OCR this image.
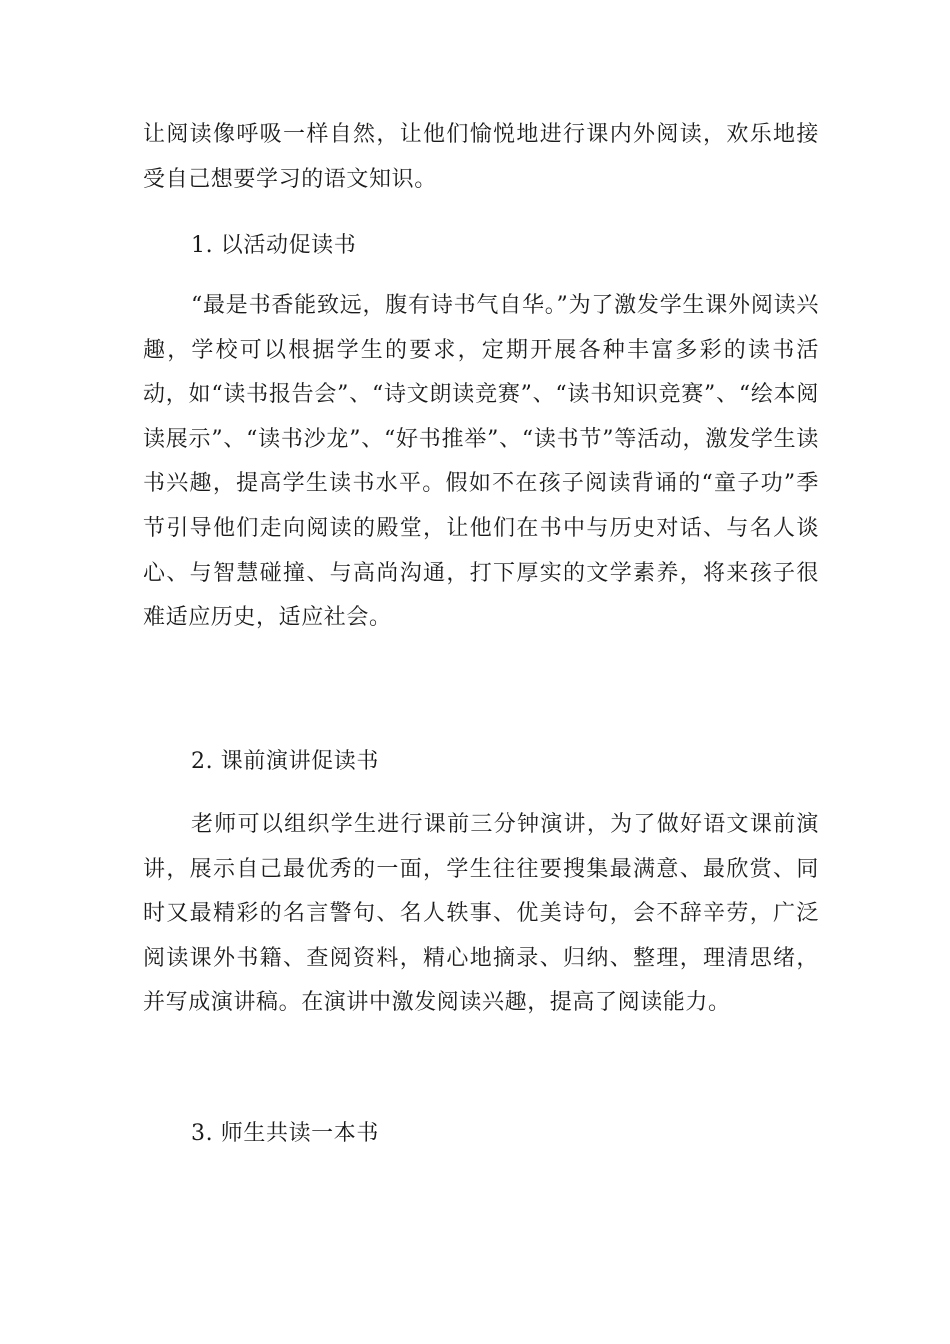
让阅读像呼吸一样自然，让他们愉悦地进行课内外阅读，欢乐地接受自己想要学习的语文知识。

1. 以活动促读书

“最是书香能致远，腹有诗书气自华。”为了激发学生课外阅读兴趣，学校可以根据学生的要求，定期开展各种丰富多彩的读书活动，如“读书报告会”、“诗文朗读竞赛”、“读书知识竞赛”、“绘本阅读展示”、“读书沙龙”、“好书推举”、“读书节”等活动，激发学生读书兴趣，提高学生读书水平。假如不在孩子阅读背诵的“童子功”季节引导他们走向阅读的殿堂，让他们在书中与历史对话、与名人谈心、与智慧碰撞、与高尚沟通，打下厚实的文学素养，将来孩子很难适应历史，适应社会。

2. 课前演讲促读书

老师可以组织学生进行课前三分钟演讲，为了做好语文课前演讲，展示自己最优秀的一面，学生往往要搜集最满意、最欣赏、同时又最精彩的名言警句、名人轶事、优美诗句，会不辞辛劳，广泛阅读课外书籍、查阅资料，精心地摘录、归纳、整理，理清思绪，并写成演讲稿。在演讲中激发阅读兴趣，提高了阅读能力。

3. 师生共读一本书
